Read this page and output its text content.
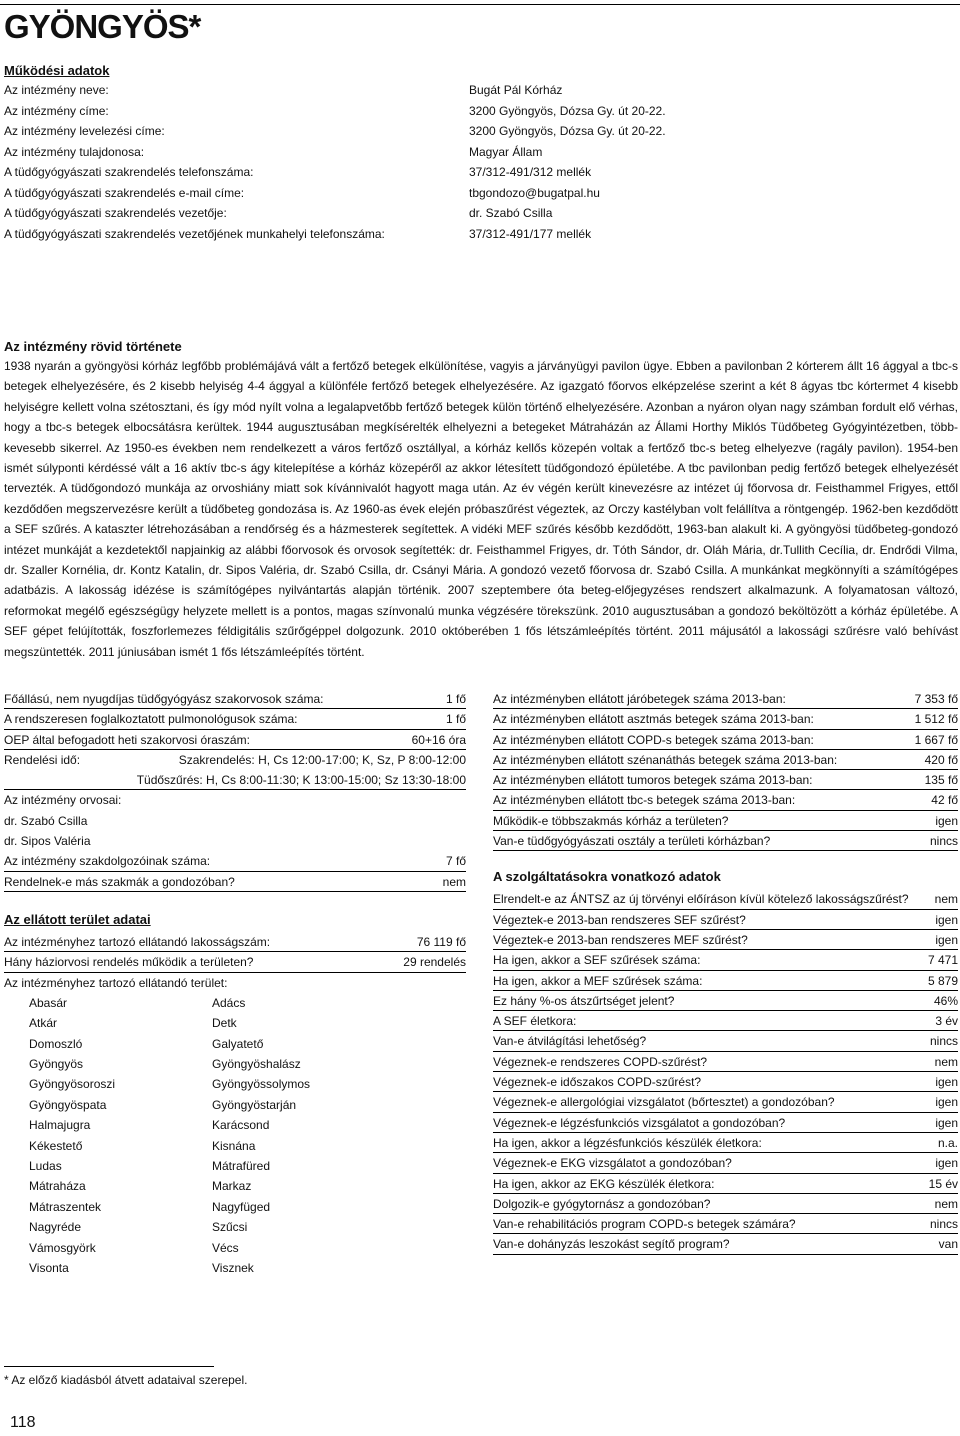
GYÖNGYÖS*
Működési adatok
Az intézmény neve:	Bugát Pál Kórház
Az intézmény címe:	3200 Gyöngyös, Dózsa Gy. út 20-22.
Az intézmény levelezési címe:	3200 Gyöngyös, Dózsa Gy. út 20-22.
Az intézmény tulajdonosa:	Magyar Állam
A tüdőgyógyászati szakrendelés telefonszáma:	37/312-491/312 mellék
A tüdőgyógyászati szakrendelés e-mail címe:	tbgondozo@bugatpal.hu
A tüdőgyógyászati szakrendelés vezetője:	dr. Szabó Csilla
A tüdőgyógyászati szakrendelés vezetőjének munkahelyi telefonszáma:	37/312-491/177 mellék
Az intézmény rövid története

1938 nyarán a gyöngyösi kórház legfőbb problémájává vált a fertőző betegek elkülönítése, vagyis a járványügyi pavilon ügye. Ebben a pavilonban 2 kórterem állt 16 ággyal a tbc-s betegek elhelyezésére, és 2 kisebb helyiség 4-4 ággyal a különféle fertőző betegek elhelyezésére. Az igazgató főorvos elképzelése szerint a két 8 ágyas tbc kórtermet 4 kisebb helyiségre kellett volna szétosztani, és így mód nyílt volna a legalapvetőbb fertőző betegek külön történő elhelyezésére. Azonban a nyáron olyan nagy számban fordult elő vérhas, hogy a tbc-s betegek elbocsátásra kerültek. 1944 augusztusában megkísérelték elhelyezni a betegeket Mátraházán az Állami Horthy Miklós Tüdőbeteg Gyógyintézetben, több-kevesebb sikerrel. Az 1950-es években nem rendelkezett a város fertőző osztállyal, a kórház kellős közepén voltak a fertőző tbc-s beteg elhelyezve (ragály pavilon). 1954-ben ismét súlyponti kérdéssé vált a 16 aktív tbc-s ágy kitelepítése a kórház közepéről az akkor létesített tüdőgondozó épületébe. A tbc pavilonban pedig fertőző betegek elhelyezését tervezték. A tüdőgondozó munkája az orvoshiány miatt sok kívánnivalót hagyott maga után. Az év végén került kinevezésre az intézet új főorvosa dr. Feisthammel Frigyes, ettől kezdődően megszervezésre került a tüdőbeteg gondozása is. Az 1960-as évek elején próbaszűrést végeztek, az Orczy kastélyban volt felállítva a röntgengép. 1962-ben kezdődött a SEF szűrés. A kataszter létrehozásában a rendőrség és a házmesterek segítettek. A vidéki MEF szűrés később kezdődött, 1963-ban alakult ki. A gyöngyösi tüdőbeteg-gondozó intézet munkáját a kezdetektől napjainkig az alábbi főorvosok és orvosok segítették: dr. Feisthammel Frigyes, dr. Tóth Sándor, dr. Oláh Mária, dr.Tullith Cecília, dr. Endrődi Vilma, dr. Szaller Kornélia, dr. Kontz Katalin, dr. Sipos Valéria, dr. Szabó Csilla, dr. Csányi Mária. A gondozó vezető főorvosa dr. Szabó Csilla. A munkánkat megkönnyíti a számítógépes adatbázis. A lakosság idézése is számítógépes nyilvántartás alapján történik. 2007 szeptembere óta beteg-előjegyzéses rendszert alkalmazunk. A folyamatosan változó, reformokat megélő egészségügy helyzete mellett is a pontos, magas színvonalú munka végzésére törekszünk. 2010 augusztusában a gondozó beköltözött a kórház épületébe. A SEF gépet felújították, foszforlemezes féldigitális szűrőgéppel dolgozunk. 2010 októberében 1 fős létszámleépítés történt. 2011 májusától a lakossági szűrésre való behívást megszüntették. 2011 júniusában ismét 1 fős létszámleépítés történt.

Főállású, nem nyugdíjas tüdőgyógyász szakorvosok száma:	1 fő
A rendszeresen foglalkoztatott pulmonológusok száma:	1 fő
OEP által befogadott heti szakorvosi óraszám:	60+16 óra
Rendelési idő:	Szakrendelés: H, Cs 12:00-17:00; K, Sz, P 8:00-12:00
Tüdőszűrés: H, Cs 8:00-11:30; K 13:00-15:00; Sz 13:30-18:00
Az intézmény orvosai:
dr. Szabó Csilla
dr. Sipos Valéria
Az intézmény szakdolgozóinak száma:	7 fő
Rendelnek-e más szakmák a gondozóban?	nem
Az ellátott terület adatai
Az intézményhez tartozó ellátandó lakosságszám:	76 119 fő
Hány háziorvosi rendelés működik a területen?	29 rendelés
Az intézményhez tartozó ellátandó terület:
Abasár	Adács
Atkár	Detk
Domoszló	Galyatető
Gyöngyös	Gyöngyöshalász
Gyöngyösoroszi	Gyöngyössolymos
Gyöngyöspata	Gyöngyöstarján
Halmajugra	Karácsond
Kékestető	Kisnána
Ludas	Mátrafüred
Mátraháza	Markaz
Mátraszentek	Nagyfüged
Nagyréde	Szűcsi
Vámosgyörk	Vécs
Visonta	Visznek
Az intézményben ellátott járóbetegek száma 2013-ban:	7 353 fő
Az intézményben ellátott asztmás betegek száma 2013-ban:	1 512 fő
Az intézményben ellátott COPD-s betegek száma 2013-ban:	1 667 fő
Az intézményben ellátott szénanáthás betegek száma 2013-ban:	420 fő
Az intézményben ellátott tumoros betegek száma 2013-ban:	135 fő
Az intézményben ellátott tbc-s betegek száma 2013-ban:	42 fő
Működik-e többszakmás kórház a területen?	igen
Van-e tüdőgyógyászati osztály a területi kórházban?	nincs
A szolgáltatásokra vonatkozó adatok
Elrendelt-e az ÁNTSZ az új törvényi előíráson kívül kötelező lakosságszűrést? nem
Végeztek-e 2013-ban rendszeres SEF szűrést?	igen
Végeztek-e 2013-ban rendszeres MEF szűrést?	igen
Ha igen, akkor a SEF szűrések száma:	7 471
Ha igen, akkor a MEF szűrések száma:	5 879
Ez hány %-os átszűrtséget jelent?	46%
A SEF életkora:	3 év
Van-e átvilágítási lehetőség?	nincs
Végeznek-e rendszeres COPD-szűrést?	nem
Végeznek-e időszakos COPD-szűrést?	igen
Végeznek-e allergológiai vizsgálatot (bőrtesztet) a gondozóban?	igen
Végeznek-e légzésfunkciós vizsgálatot a gondozóban?	igen
Ha igen, akkor a légzésfunkciós készülék életkora:	n.a.
Végeznek-e EKG vizsgálatot a gondozóban?	igen
Ha igen, akkor az EKG készülék életkora:	15 év
Dolgozik-e gyógytornász a gondozóban?	nem
Van-e rehabilitációs program COPD-s betegek számára?	nincs
Van-e dohányzás leszokást segítő program?	van
* Az előző kiadásból átvett adataival szerepel.
118
